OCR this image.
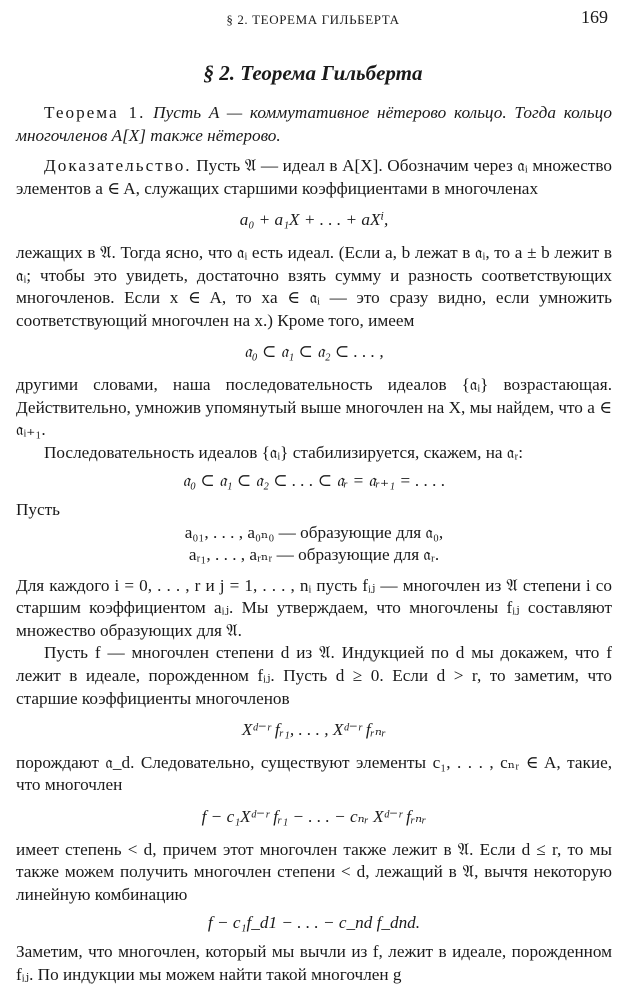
§ 2. ТЕОРЕМА ГИЛЬБЕРТА	169
§ 2. Теорема Гильберта

Теорема 1. Пусть A — коммутативное нётерово кольцо. Тогда кольцо многочленов A[X] также нётерово.

Доказательство. Пусть 𝔄 — идеал в A[X]. Обозначим через 𝔞ᵢ множество элементов a ∈ A, служащих старшими коэффициентами в многочленах

a₀ + a₁X + . . . + aXⁱ,

лежащих в 𝔄. Тогда ясно, что 𝔞ᵢ есть идеал. (Если a, b лежат в 𝔞ᵢ, то a ± b лежит в 𝔞ᵢ; чтобы это увидеть, достаточно взять сумму и разность соответствующих многочленов. Если x ∈ A, то xa ∈ 𝔞ᵢ — это сразу видно, если умножить соответствующий многочлен на x.) Кроме того, имеем

𝔞₀ ⊂ 𝔞₁ ⊂ 𝔞₂ ⊂ . . . ,

другими словами, наша последовательность идеалов {𝔞ᵢ} возрастающая. Действительно, умножив упомянутый выше многочлен на X, мы найдем, что a ∈ 𝔞ᵢ₊₁.

Последовательность идеалов {𝔞ᵢ} стабилизируется, скажем, на 𝔞ᵣ:

𝔞₀ ⊂ 𝔞₁ ⊂ 𝔞₂ ⊂ . . . ⊂ 𝔞ᵣ = 𝔞ᵣ₊₁ = . . . .

Пусть

a₀₁, . . . , a₀ₙ₀ — образующие для 𝔞₀,
aᵣ₁, . . . , aᵣₙᵣ — образующие для 𝔞ᵣ.

Для каждого i = 0, . . . , r и j = 1, . . . , nᵢ пусть fᵢⱼ — многочлен из 𝔄 степени i со старшим коэффициентом aᵢⱼ. Мы утверждаем, что многочлены fᵢⱼ составляют множество образующих для 𝔄.

Пусть f — многочлен степени d из 𝔄. Индукцией по d мы докажем, что f лежит в идеале, порожденном fᵢⱼ. Пусть d ≥ 0. Если d > r, то заметим, что старшие коэффициенты многочленов

Xᵈ⁻ʳ fᵣ₁, . . . , Xᵈ⁻ʳ fᵣₙᵣ

порождают 𝔞_d. Следовательно, существуют элементы c₁, . . . , cₙᵣ ∈ A, такие, что многочлен

f − c₁Xᵈ⁻ʳ fᵣ₁ − . . . − cₙᵣ Xᵈ⁻ʳ fᵣₙᵣ

имеет степень < d, причем этот многочлен также лежит в 𝔄. Если d ≤ r, то мы также можем получить многочлен степени < d, лежащий в 𝔄, вычтя некоторую линейную комбинацию

f − c₁f_d1 − . . . − c_nd f_dnd.

Заметим, что многочлен, который мы вычли из f, лежит в идеале, порожденном fᵢⱼ. По индукции мы можем найти такой многочлен g
